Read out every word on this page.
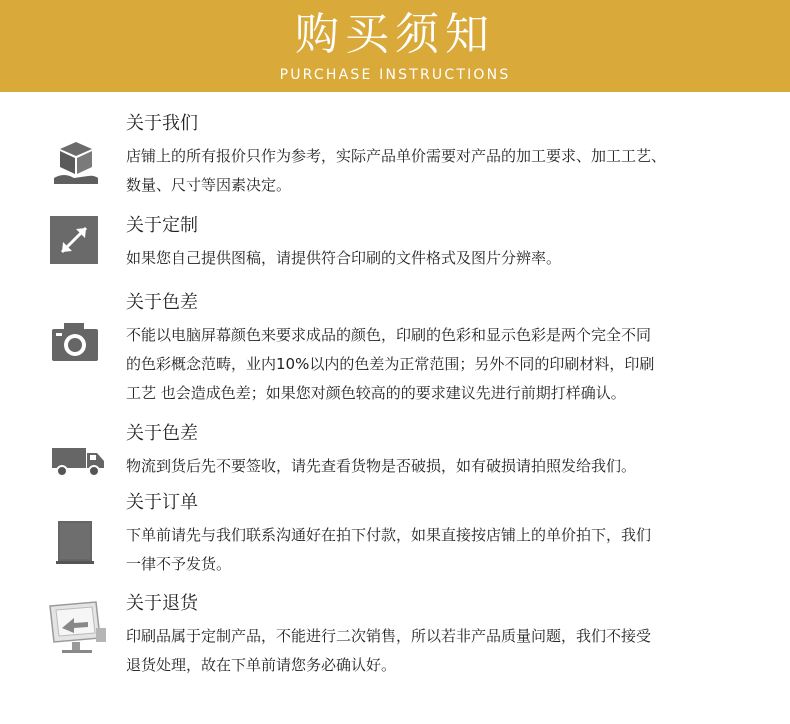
购买须知
PURCHASE INSTRUCTIONS
关于我们
店铺上的所有报价只作为参考，实际产品单价需要对产品的加工要求、加工工艺、
数量、尺寸等因素决定。
关于定制
如果您自己提供图稿，请提供符合印刷的文件格式及图片分辨率。
关于色差
不能以电脑屏幕颜色来要求成品的颜色，印刷的色彩和显示色彩是两个完全不同
的色彩概念范畴，业内10%以内的色差为正常范围；另外不同的印刷材料，印刷
工艺 也会造成色差；如果您对颜色较高的的要求建议先进行前期打样确认。
关于色差
物流到货后先不要签收，请先查看货物是否破损，如有破损请拍照发给我们。
关于订单
下单前请先与我们联系沟通好在拍下付款，如果直接按店铺上的单价拍下，我们
一律不予发货。
关于退货
印刷品属于定制产品，不能进行二次销售，所以若非产品质量问题，我们不接受
退货处理，故在下单前请您务必确认好。
